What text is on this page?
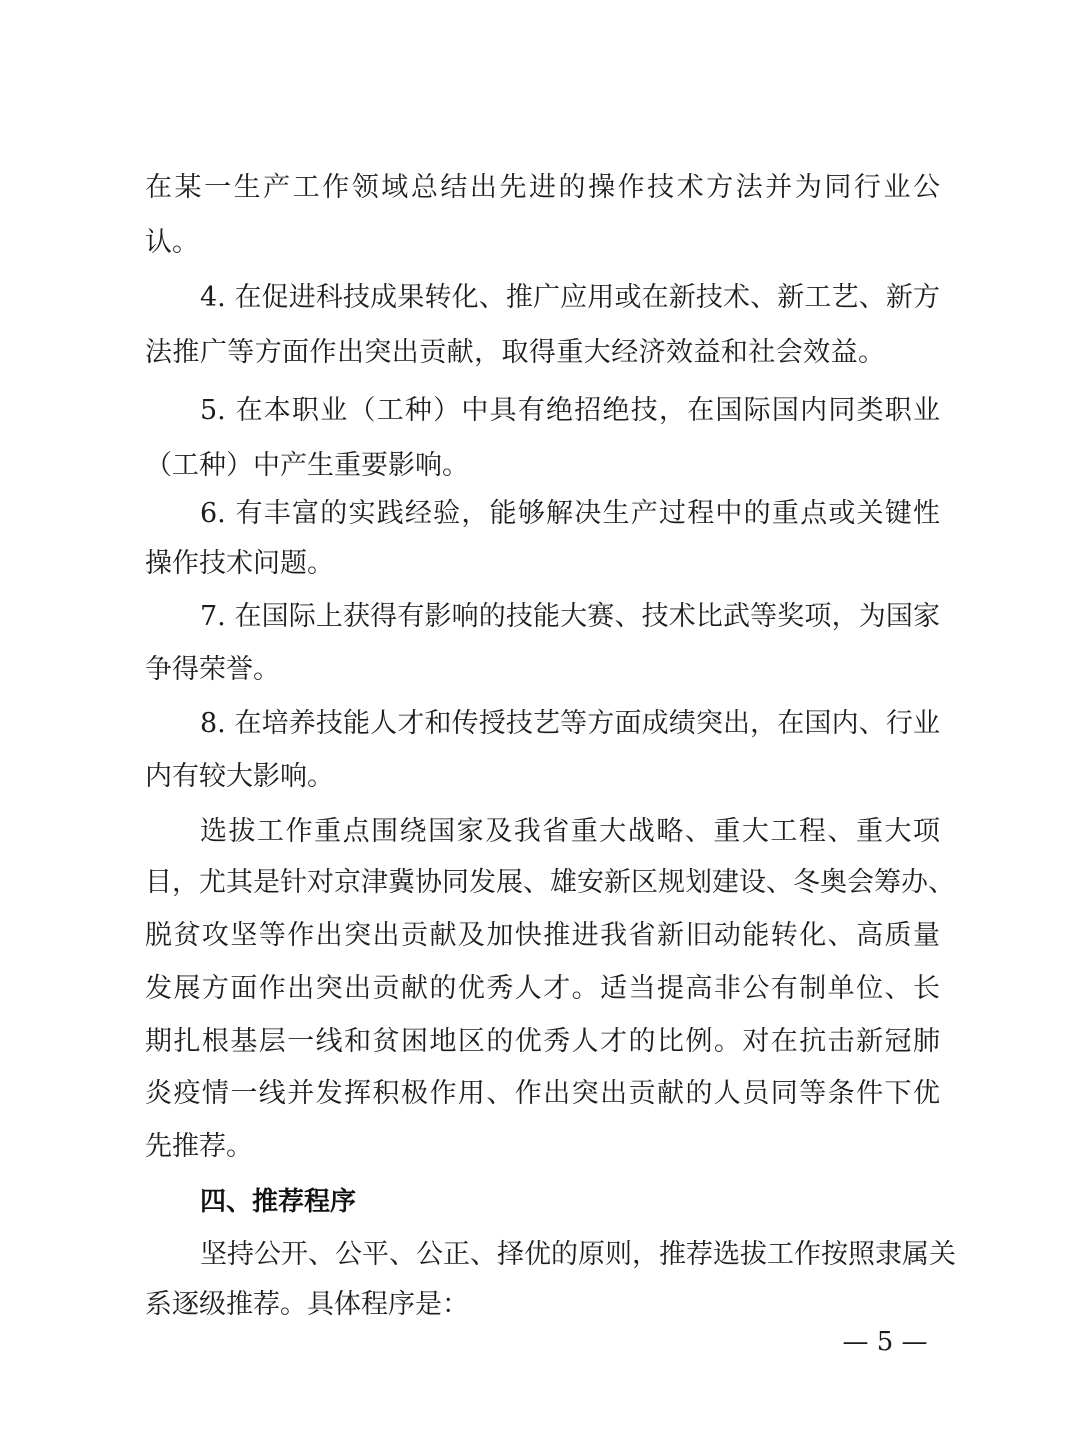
在某一生产工作领域总结出先进的操作技术方法并为同行业公
认。
4. 在促进科技成果转化、推广应用或在新技术、新工艺、新方
法推广等方面作出突出贡献，取得重大经济效益和社会效益。
5. 在本职业（工种）中具有绝招绝技，在国际国内同类职业
（工种）中产生重要影响。
6. 有丰富的实践经验，能够解决生产过程中的重点或关键性
操作技术问题。
7. 在国际上获得有影响的技能大赛、技术比武等奖项，为国家
争得荣誉。
8. 在培养技能人才和传授技艺等方面成绩突出，在国内、行业
内有较大影响。
选拔工作重点围绕国家及我省重大战略、重大工程、重大项
目，尤其是针对京津冀协同发展、雄安新区规划建设、冬奥会筹办、
脱贫攻坚等作出突出贡献及加快推进我省新旧动能转化、高质量
发展方面作出突出贡献的优秀人才。适当提高非公有制单位、长
期扎根基层一线和贫困地区的优秀人才的比例。对在抗击新冠肺
炎疫情一线并发挥积极作用、作出突出贡献的人员同等条件下优
先推荐。
四、推荐程序
坚持公开、公平、公正、择优的原则，推荐选拔工作按照隶属关
系逐级推荐。具体程序是：
— 5 —
